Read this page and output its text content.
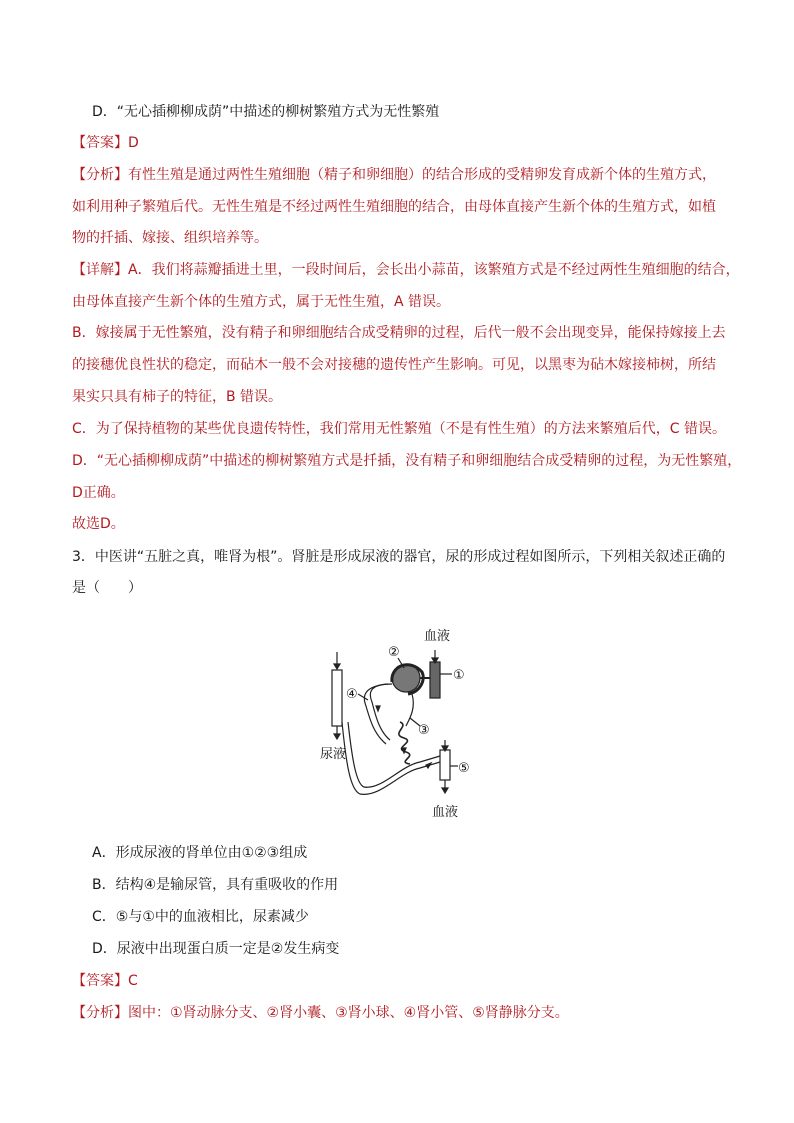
D．“无心插柳柳成荫”中描述的柳树繁殖方式为无性繁殖
【答案】D
【分析】有性生殖是通过两性生殖细胞（精子和卵细胞）的结合形成的受精卵发育成新个体的生殖方式，
如利用种子繁殖后代。无性生殖是不经过两性生殖细胞的结合，由母体直接产生新个体的生殖方式，如植
物的扦插、嫁接、组织培养等。
【详解】A．我们将蒜瓣插进土里，一段时间后，会长出小蒜苗，该繁殖方式是不经过两性生殖细胞的结合，
由母体直接产生新个体的生殖方式，属于无性生殖，A 错误。
B．嫁接属于无性繁殖，没有精子和卵细胞结合成受精卵的过程，后代一般不会出现变异，能保持嫁接上去
的接穗优良性状的稳定，而砧木一般不会对接穗的遗传性产生影响。可见，以黑枣为砧木嫁接柿树，所结
果实只具有柿子的特征，B 错误。
C．为了保持植物的某些优良遗传特性，我们常用无性繁殖（不是有性生殖）的方法来繁殖后代，C 错误。
D．“无心插柳柳成荫”中描述的柳树繁殖方式是扦插，没有精子和卵细胞结合成受精卵的过程，为无性繁殖，
D正确。
故选D。
3．中医讲“五脏之真，唯肾为根”。肾脏是形成尿液的器官，尿的形成过程如图所示，下列相关叙述正确的
是（　　）
血液
尿液
血液
①
②
③
④
⑤
A．形成尿液的肾单位由①②③组成
B．结构④是输尿管，具有重吸收的作用
C．⑤与①中的血液相比，尿素减少
D．尿液中出现蛋白质一定是②发生病变
【答案】C
【分析】图中：①肾动脉分支、②肾小囊、③肾小球、④肾小管、⑤肾静脉分支。
